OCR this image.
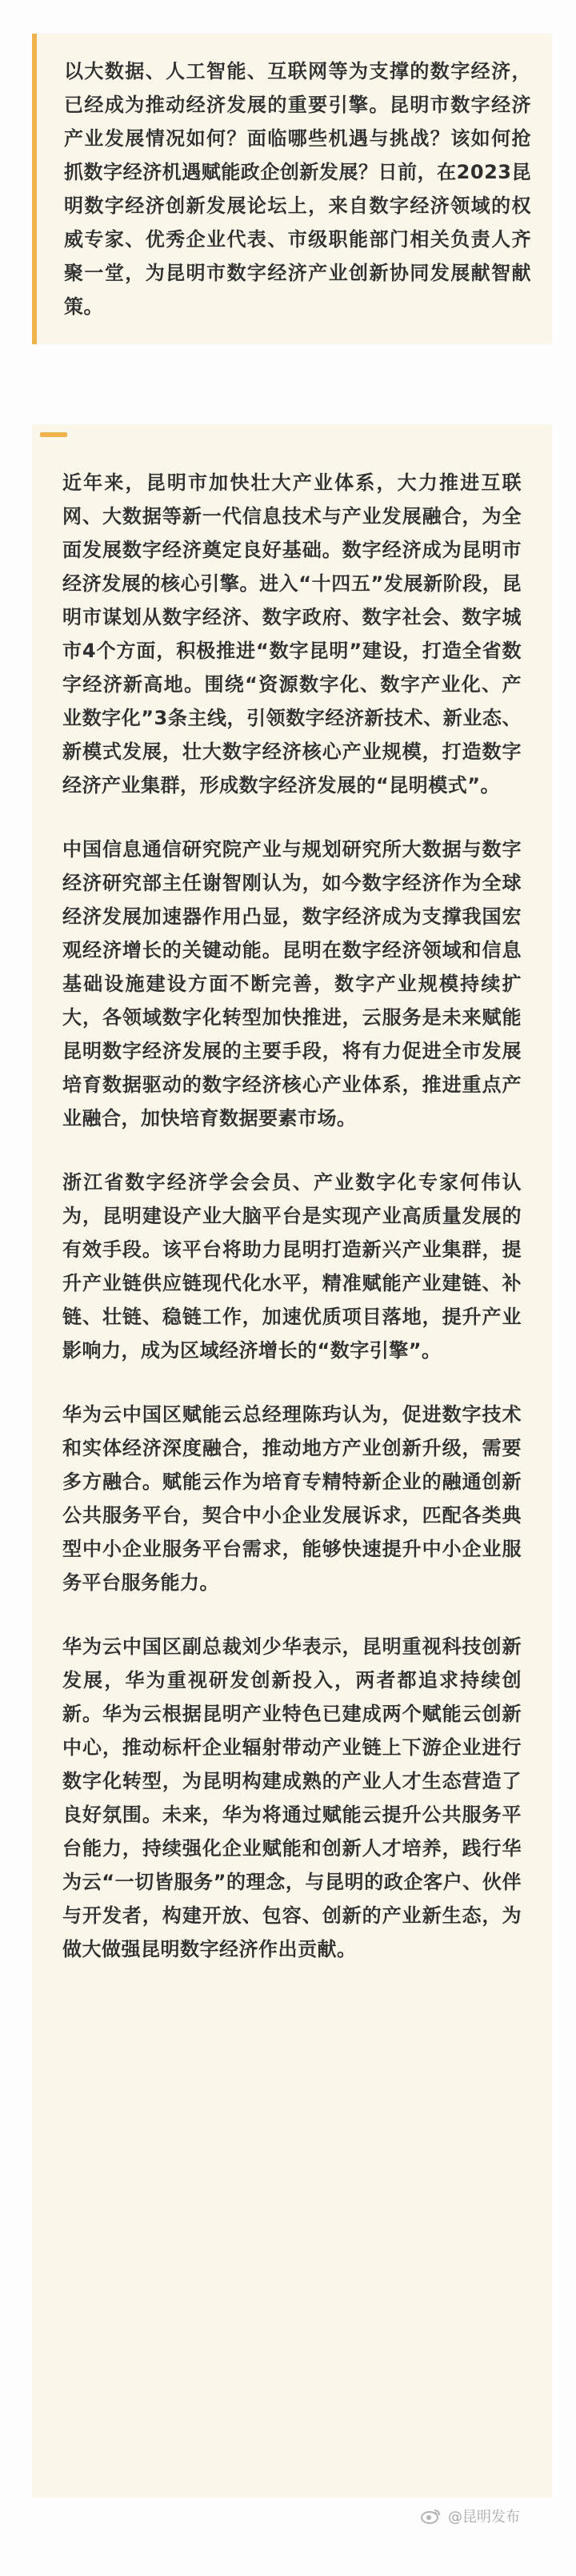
以大数据、人工智能、互联网等为支撑的数字经济，已经成为推动经济发展的重要引擎。昆明市数字经济产业发展情况如何？面临哪些机遇与挑战？该如何抢抓数字经济机遇赋能政企创新发展？日前，在2023昆明数字经济创新发展论坛上，来自数字经济领域的权威专家、优秀企业代表、市级职能部门相关负责人齐聚一堂，为昆明市数字经济产业创新协同发展献智献策。

近年来，昆明市加快壮大产业体系，大力推进互联网、大数据等新一代信息技术与产业发展融合，为全面发展数字经济奠定良好基础。数字经济成为昆明市经济发展的核心引擎。进入“十四五”发展新阶段，昆明市谋划从数字经济、数字政府、数字社会、数字城市4个方面，积极推进“数字昆明”建设，打造全省数字经济新高地。围绕“资源数字化、数字产业化、产业数字化”3条主线，引领数字经济新技术、新业态、新模式发展，壮大数字经济核心产业规模，打造数字经济产业集群，形成数字经济发展的“昆明模式”。

中国信息通信研究院产业与规划研究所大数据与数字经济研究部主任谢智刚认为，如今数字经济作为全球经济发展加速器作用凸显，数字经济成为支撑我国宏观经济增长的关键动能。昆明在数字经济领域和信息基础设施建设方面不断完善，数字产业规模持续扩大，各领域数字化转型加快推进，云服务是未来赋能昆明数字经济发展的主要手段，将有力促进全市发展培育数据驱动的数字经济核心产业体系，推进重点产业融合，加快培育数据要素市场。

浙江省数字经济学会会员、产业数字化专家何伟认为，昆明建设产业大脑平台是实现产业高质量发展的有效手段。该平台将助力昆明打造新兴产业集群，提升产业链供应链现代化水平，精准赋能产业建链、补链、壮链、稳链工作，加速优质项目落地，提升产业影响力，成为区域经济增长的“数字引擎”。

华为云中国区赋能云总经理陈玙认为，促进数字技术和实体经济深度融合，推动地方产业创新升级，需要多方融合。赋能云作为培育专精特新企业的融通创新公共服务平台，契合中小企业发展诉求，匹配各类典型中小企业服务平台需求，能够快速提升中小企业服务平台服务能力。

华为云中国区副总裁刘少华表示，昆明重视科技创新发展，华为重视研发创新投入，两者都追求持续创新。华为云根据昆明产业特色已建成两个赋能云创新中心，推动标杆企业辐射带动产业链上下游企业进行数字化转型，为昆明构建成熟的产业人才生态营造了良好氛围。未来，华为将通过赋能云提升公共服务平台能力，持续强化企业赋能和创新人才培养，践行华为云“一切皆服务”的理念，与昆明的政企客户、伙伴与开发者，构建开放、包容、创新的产业新生态，为做大做强昆明数字经济作出贡献。

@昆明发布
